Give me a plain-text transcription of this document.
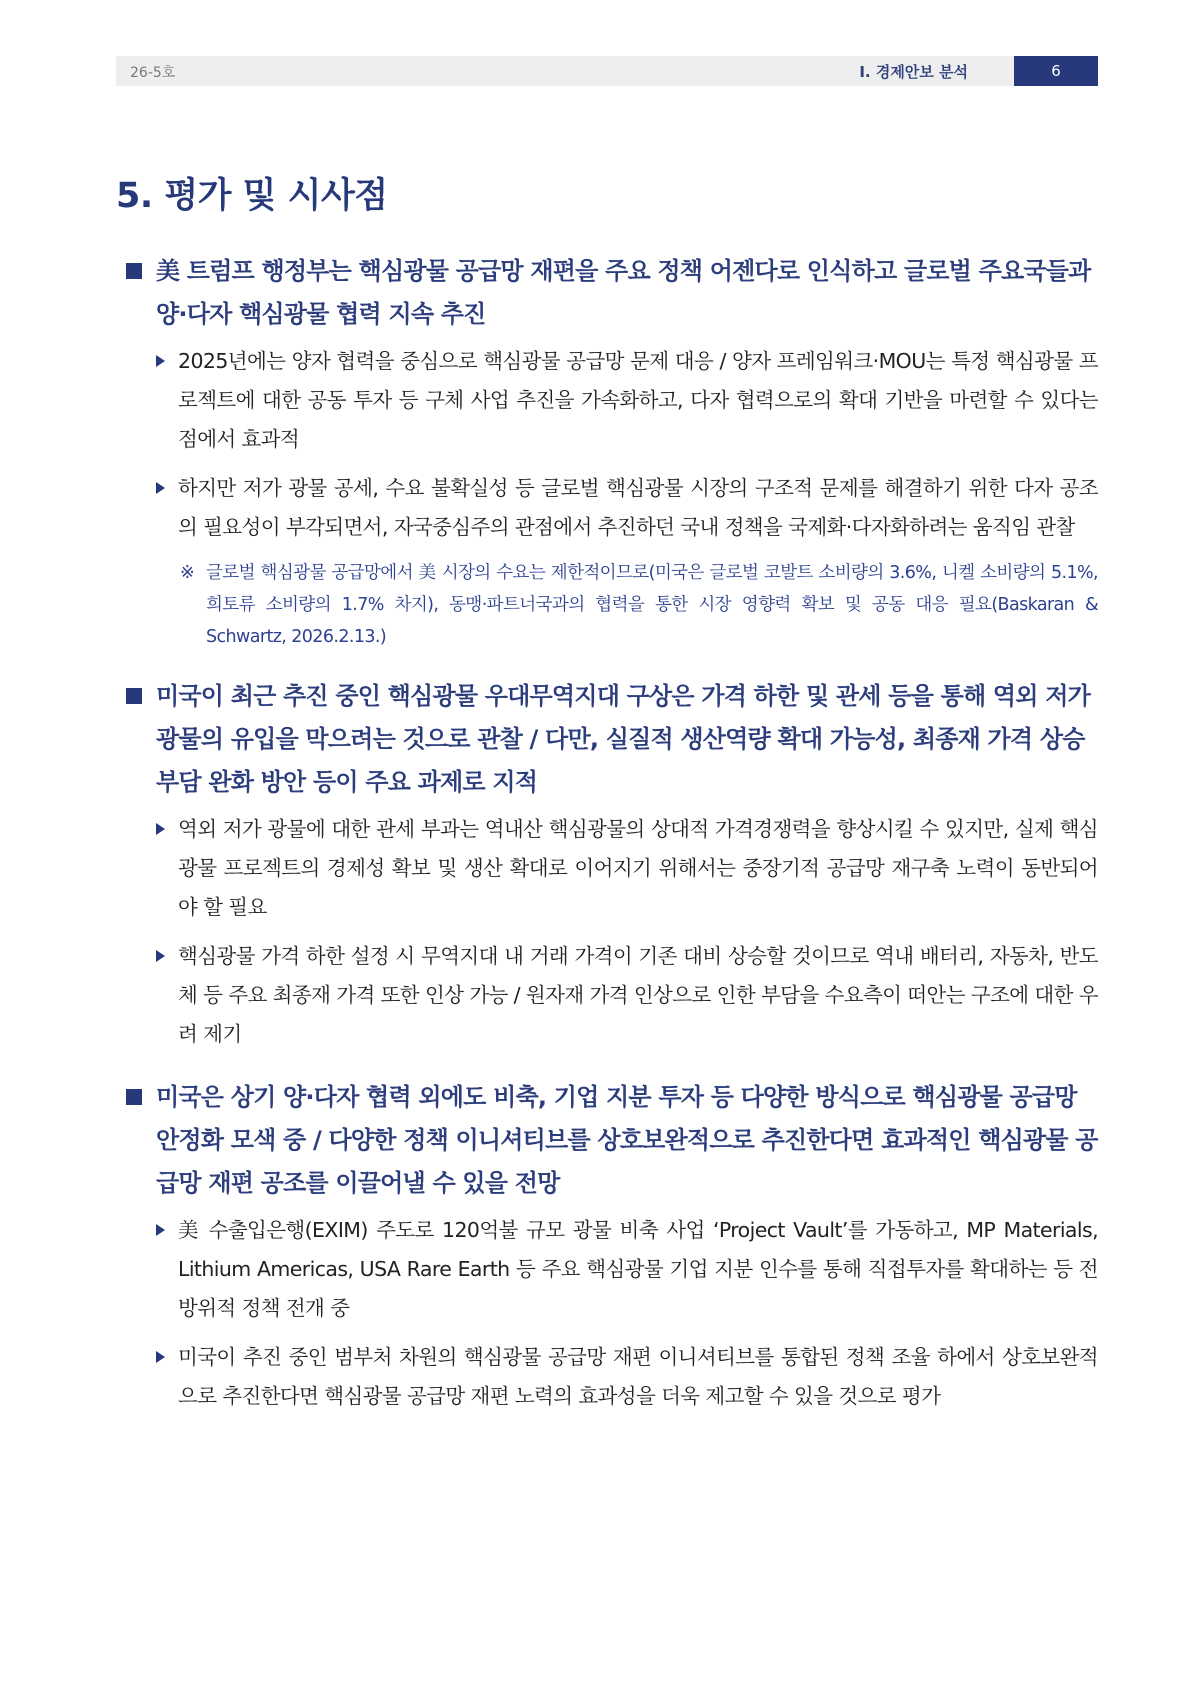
26-5호	Ⅰ. 경제안보 분석	6
5. 평가 및 시사점
美 트럼프 행정부는 핵심광물 공급망 재편을 주요 정책 어젠다로 인식하고 글로벌 주요국들과 양·다자 핵심광물 협력 지속 추진
2025년에는 양자 협력을 중심으로 핵심광물 공급망 문제 대응 / 양자 프레임워크·MOU는 특정 핵심광물 프로젝트에 대한 공동 투자 등 구체 사업 추진을 가속화하고, 다자 협력으로의 확대 기반을 마련할 수 있다는 점에서 효과적
하지만 저가 광물 공세, 수요 불확실성 등 글로벌 핵심광물 시장의 구조적 문제를 해결하기 위한 다자 공조의 필요성이 부각되면서, 자국중심주의 관점에서 추진하던 국내 정책을 국제화·다자화하려는 움직임 관찰
※ 글로벌 핵심광물 공급망에서 美 시장의 수요는 제한적이므로(미국은 글로벌 코발트 소비량의 3.6%, 니켈 소비량의 5.1%, 희토류 소비량의 1.7% 차지), 동맹·파트너국과의 협력을 통한 시장 영향력 확보 및 공동 대응 필요(Baskaran & Schwartz, 2026.2.13.)
미국이 최근 추진 중인 핵심광물 우대무역지대 구상은 가격 하한 및 관세 등을 통해 역외 저가 광물의 유입을 막으려는 것으로 관찰 / 다만, 실질적 생산역량 확대 가능성, 최종재 가격 상승 부담 완화 방안 등이 주요 과제로 지적
역외 저가 광물에 대한 관세 부과는 역내산 핵심광물의 상대적 가격경쟁력을 향상시킬 수 있지만, 실제 핵심광물 프로젝트의 경제성 확보 및 생산 확대로 이어지기 위해서는 중장기적 공급망 재구축 노력이 동반되어야 할 필요
핵심광물 가격 하한 설정 시 무역지대 내 거래 가격이 기존 대비 상승할 것이므로 역내 배터리, 자동차, 반도체 등 주요 최종재 가격 또한 인상 가능 / 원자재 가격 인상으로 인한 부담을 수요측이 떠안는 구조에 대한 우려 제기
미국은 상기 양·다자 협력 외에도 비축, 기업 지분 투자 등 다양한 방식으로 핵심광물 공급망 안정화 모색 중 / 다양한 정책 이니셔티브를 상호보완적으로 추진한다면 효과적인 핵심광물 공급망 재편 공조를 이끌어낼 수 있을 전망
美 수출입은행(EXIM) 주도로 120억불 규모 광물 비축 사업 ‘Project Vault’를 가동하고, MP Materials, Lithium Americas, USA Rare Earth 등 주요 핵심광물 기업 지분 인수를 통해 직접투자를 확대하는 등 전방위적 정책 전개 중
미국이 추진 중인 범부처 차원의 핵심광물 공급망 재편 이니셔티브를 통합된 정책 조율 하에서 상호보완적으로 추진한다면 핵심광물 공급망 재편 노력의 효과성을 더욱 제고할 수 있을 것으로 평가
